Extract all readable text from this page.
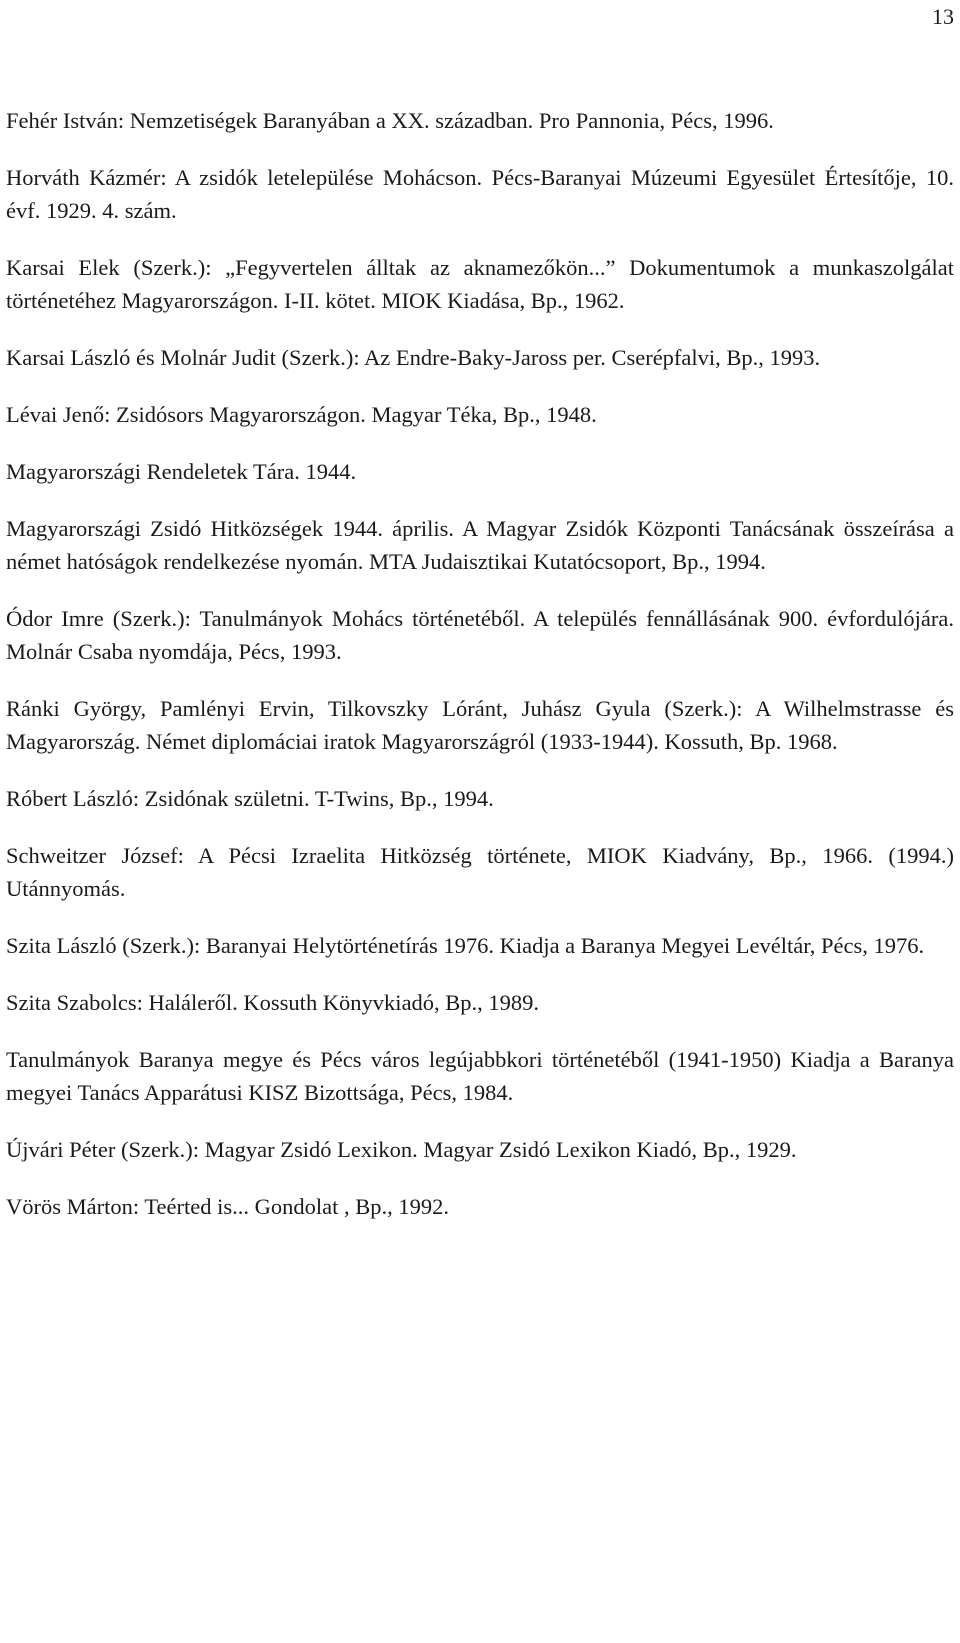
13
Fehér István: Nemzetiségek Baranyában a XX. században. Pro Pannonia, Pécs, 1996.
Horváth Kázmér: A zsidók letelepülése Mohácson. Pécs-Baranyai Múzeumi Egyesület Értesítője, 10. évf. 1929. 4. szám.
Karsai Elek (Szerk.): „Fegyvertelen álltak az aknamezőkön...” Dokumentumok a munkaszolgálat történetéhez Magyarországon. I-II. kötet. MIOK Kiadása, Bp., 1962.
Karsai László és Molnár Judit (Szerk.): Az Endre-Baky-Jaross per. Cserépfalvi, Bp., 1993.
Lévai Jenő: Zsidósors Magyarországon. Magyar Téka, Bp., 1948.
Magyarországi Rendeletek Tára. 1944.
Magyarországi Zsidó Hitközségek 1944. április. A Magyar Zsidók Központi Tanácsának összeírása a német hatóságok rendelkezése nyomán. MTA Judaisztikai Kutatócsoport, Bp., 1994.
Ódor Imre (Szerk.): Tanulmányok Mohács történetéből. A település fennállásának 900. évfordulójára. Molnár Csaba nyomdája, Pécs, 1993.
Ránki György, Pamlényi Ervin, Tilkovszky Lóránt, Juhász Gyula (Szerk.): A Wilhelmstrasse és Magyarország. Német diplomáciai iratok Magyarországról (1933-1944). Kossuth, Bp. 1968.
Róbert László: Zsidónak születni. T-Twins, Bp., 1994.
Schweitzer József: A Pécsi Izraelita Hitközség története, MIOK Kiadvány, Bp., 1966. (1994.) Utánnyomás.
Szita László (Szerk.): Baranyai Helytörténetírás 1976. Kiadja a Baranya Megyei Levéltár, Pécs, 1976.
Szita Szabolcs: Haláleről. Kossuth Könyvkiadó, Bp., 1989.
Tanulmányok Baranya megye és Pécs város legújabbkori történetéből (1941-1950) Kiadja a Baranya megyei Tanács Apparátusi KISZ Bizottsága, Pécs, 1984.
Újvári Péter (Szerk.): Magyar Zsidó Lexikon. Magyar Zsidó Lexikon Kiadó, Bp., 1929.
Vörös Márton: Teérted is... Gondolat , Bp., 1992.
